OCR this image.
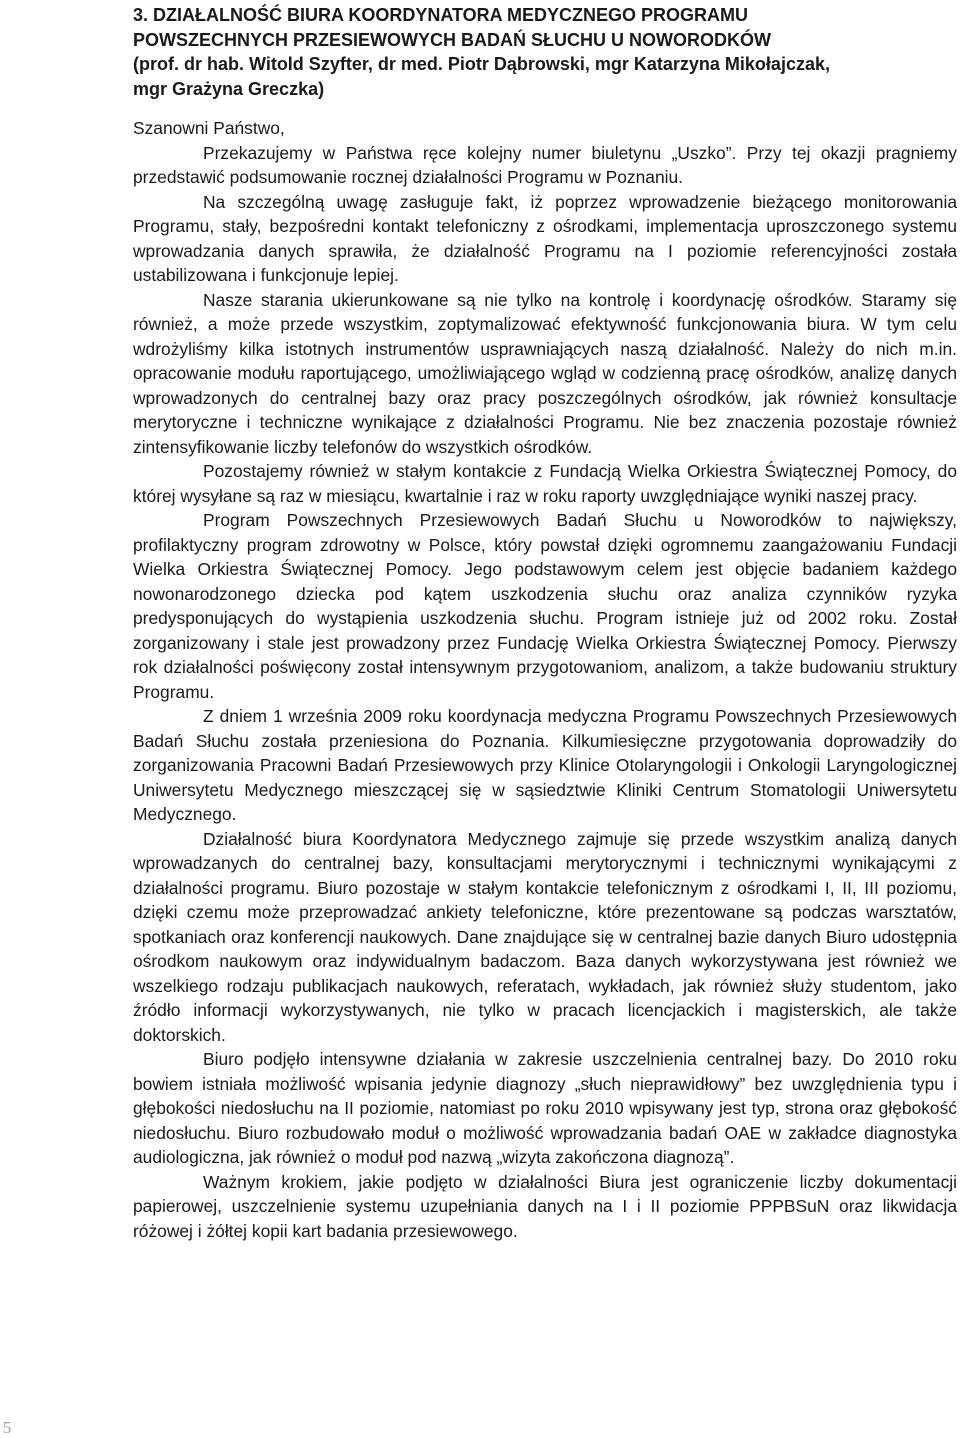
3. DZIAŁALNOŚĆ BIURA KOORDYNATORA MEDYCZNEGO PROGRAMU
POWSZECHNYCH PRZESIEWOWYCH BADAŃ SŁUCHU U NOWORODKÓW
(prof. dr hab. Witold Szyfter, dr med. Piotr Dąbrowski, mgr Katarzyna Mikołajczak,
mgr Grażyna Greczka)

Szanowni Państwo,

Przekazujemy w Państwa ręce kolejny numer biuletynu „Uszko”. Przy tej okazji pragniemy przedstawić podsumowanie rocznej działalności Programu w Poznaniu.

Na szczególną uwagę zasługuje fakt, iż poprzez wprowadzenie bieżącego monitorowania Programu, stały, bezpośredni kontakt telefoniczny z ośrodkami, implementacja uproszczonego systemu wprowadzania danych sprawiła, że działalność Programu na I poziomie referencyjności została ustabilizowana i funkcjonuje lepiej.

Nasze starania ukierunkowane są nie tylko na kontrolę i koordynację ośrodków. Staramy się również, a może przede wszystkim, zoptymalizować efektywność funkcjonowania biura. W tym celu wdrożyliśmy kilka istotnych instrumentów usprawniających naszą działalność. Należy do nich m.in. opracowanie modułu raportującego, umożliwiającego wgląd w codzienną pracę ośrodków, analizę danych wprowadzonych do centralnej bazy oraz pracy poszczególnych ośrodków, jak również konsultacje merytoryczne i techniczne wynikające z działalności Programu. Nie bez znaczenia pozostaje również zintensyfikowanie liczby telefonów do wszystkich ośrodków.

Pozostajemy również w stałym kontakcie z Fundacją Wielka Orkiestra Świątecznej Pomocy, do której wysyłane są raz w miesiącu, kwartalnie i raz w roku raporty uwzględniające wyniki naszej pracy.

Program Powszechnych Przesiewowych Badań Słuchu u Noworodków to największy, profilaktyczny program zdrowotny w Polsce, który powstał dzięki ogromnemu zaangażowaniu Fundacji Wielka Orkiestra Świątecznej Pomocy. Jego podstawowym celem jest objęcie badaniem każdego nowonarodzonego dziecka pod kątem uszkodzenia słuchu oraz analiza czynników ryzyka predysponujących do wystąpienia uszkodzenia słuchu. Program istnieje już od 2002 roku. Został zorganizowany i stale jest prowadzony przez Fundację Wielka Orkiestra Świątecznej Pomocy. Pierwszy rok działalności poświęcony został intensywnym przygotowaniom, analizom, a także budowaniu struktury Programu.

Z dniem 1 września 2009 roku koordynacja medyczna Programu Powszechnych Przesiewowych Badań Słuchu została przeniesiona do Poznania. Kilkumiesięczne przygotowania doprowadziły do zorganizowania Pracowni Badań Przesiewowych przy Klinice Otolaryngologii i Onkologii Laryngologicznej Uniwersytetu Medycznego mieszczącej się w sąsiedztwie Kliniki Centrum Stomatologii Uniwersytetu Medycznego.

Działalność biura Koordynatora Medycznego zajmuje się przede wszystkim analizą danych wprowadzanych do centralnej bazy, konsultacjami merytorycznymi i technicznymi wynikającymi z działalności programu. Biuro pozostaje w stałym kontakcie telefonicznym z ośrodkami I, II, III poziomu, dzięki czemu może przeprowadzać ankiety telefoniczne, które prezentowane są podczas warsztatów, spotkaniach oraz konferencji naukowych. Dane znajdujące się w centralnej bazie danych Biuro udostępnia ośrodkom naukowym oraz indywidualnym badaczom. Baza danych wykorzystywana jest również we wszelkiego rodzaju publikacjach naukowych, referatach, wykładach, jak również służy studentom, jako źródło informacji wykorzystywanych, nie tylko w pracach licencjackich i magisterskich, ale także doktorskich.

Biuro podjęło intensywne działania w zakresie uszczelnienia centralnej bazy. Do 2010 roku bowiem istniała możliwość wpisania jedynie diagnozy „słuch nieprawidłowy” bez uwzględnienia typu i głębokości niedosłuchu na II poziomie, natomiast po roku 2010 wpisywany jest typ, strona oraz głębokość niedosłuchu. Biuro rozbudowało moduł o możliwość wprowadzania badań OAE w zakładce diagnostyka audiologiczna, jak również o moduł pod nazwą „wizyta zakończona diagnozą”.

Ważnym krokiem, jakie podjęto w działalności Biura jest ograniczenie liczby dokumentacji papierowej, uszczelnienie systemu uzupełniania danych na I i II poziomie PPPBSuN oraz likwidacja różowej i żółtej kopii kart badania przesiewowego.

5
